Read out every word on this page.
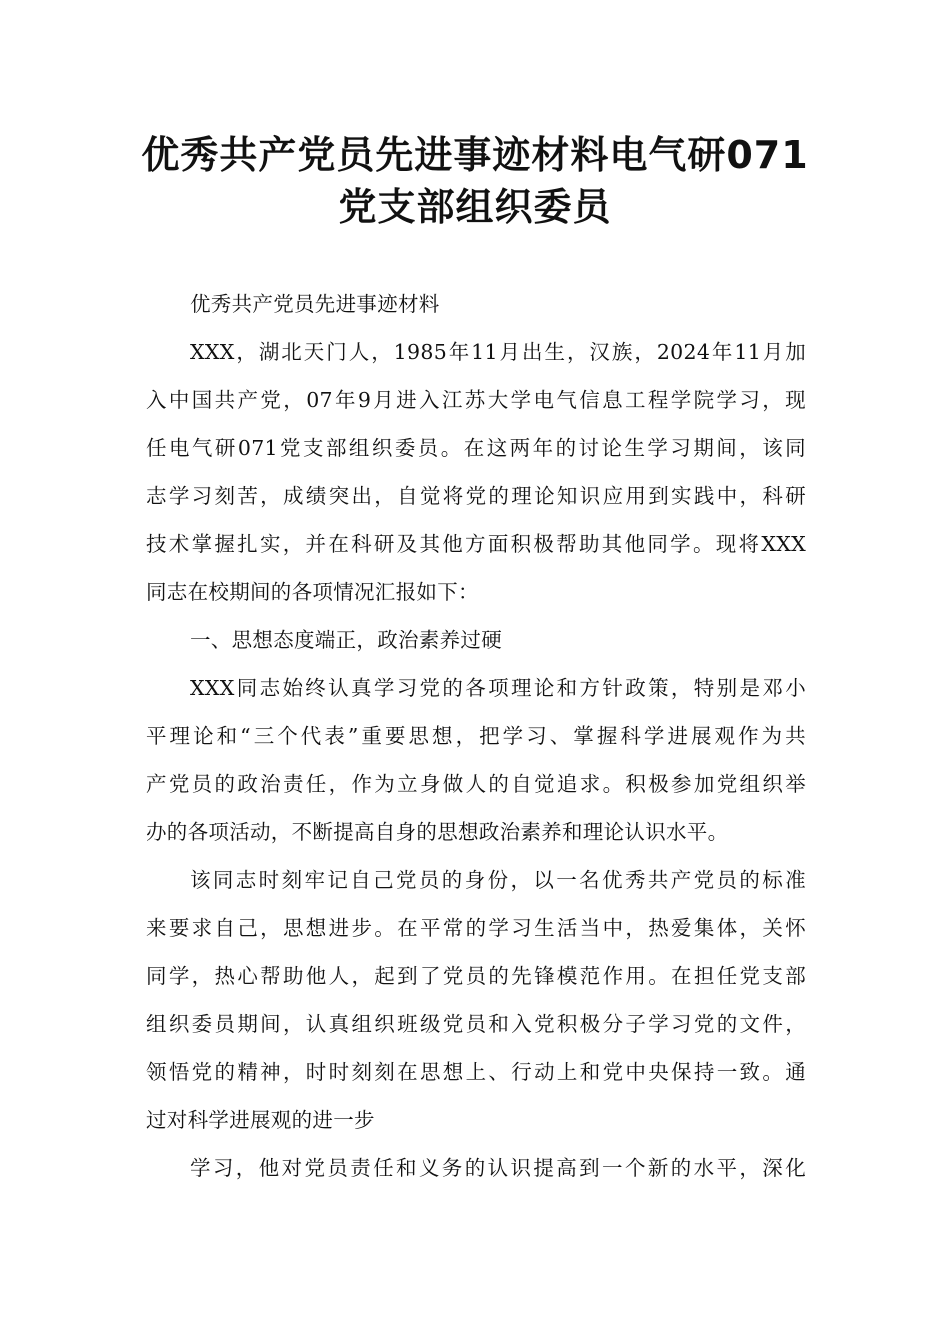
优秀共产党员先进事迹材料电气研071
党支部组织委员
优秀共产党员先进事迹材料
XXX，湖北天门人，1985年11月出生，汉族，2024年11月加
入中国共产党，07年9月进入江苏大学电气信息工程学院学习，现
任电气研071党支部组织委员。在这两年的讨论生学习期间，该同
志学习刻苦，成绩突出，自觉将党的理论知识应用到实践中，科研
技术掌握扎实，并在科研及其他方面积极帮助其他同学。现将XXX
同志在校期间的各项情况汇报如下：
一、思想态度端正，政治素养过硬
XXX同志始终认真学习党的各项理论和方针政策，特别是邓小
平理论和“三个代表”重要思想，把学习、掌握科学进展观作为共
产党员的政治责任，作为立身做人的自觉追求。积极参加党组织举
办的各项活动，不断提高自身的思想政治素养和理论认识水平。
该同志时刻牢记自己党员的身份，以一名优秀共产党员的标准
来要求自己，思想进步。在平常的学习生活当中，热爱集体，关怀
同学，热心帮助他人，起到了党员的先锋模范作用。在担任党支部
组织委员期间，认真组织班级党员和入党积极分子学习党的文件，
领悟党的精神，时时刻刻在思想上、行动上和党中央保持一致。通
过对科学进展观的进一步
学习，他对党员责任和义务的认识提高到一个新的水平，深化
